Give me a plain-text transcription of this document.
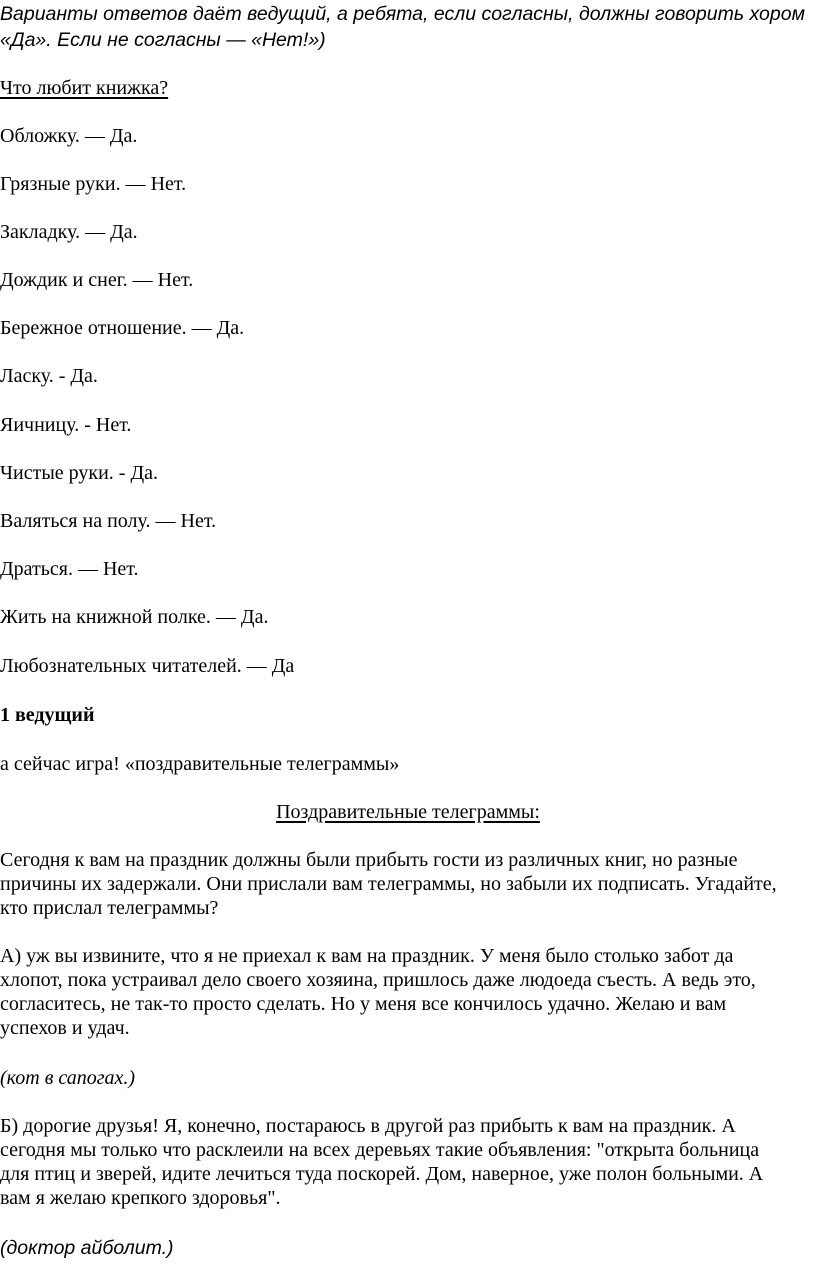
Варианты ответов даёт ведущий, а ребята, если согласны, должны говорить хором

«Да». Если не согласны — «Нет!»)

Что любит книжка?

Обложку. — Да.

Грязные руки. — Нет.

Закладку. — Да.

Дождик и снег. — Нет.

Бережное отношение. — Да.

Ласку. - Да.

Яичницу. - Нет.

Чистые руки. - Да.

Валяться на полу. — Нет.

Драться. — Нет.

Жить на книжной полке. — Да.

Любознательных читателей. — Да

1 ведущий

а сейчас игра! «поздравительные телеграммы»

Поздравительные телеграммы:

Сегодня к вам на праздник должны были прибыть гости из различных книг, но разные
причины их задержали. Они прислали вам телеграммы, но забыли их подписать. Угадайте,
кто прислал телеграммы?
А) уж вы извините, что я не приехал к вам на праздник. У меня было столько забот да
хлопот, пока устраивал дело своего хозяина, пришлось даже людоеда съесть. А ведь это,
согласитесь, не так-то просто сделать. Но у меня все кончилось удачно. Желаю и вам
успехов и удач.

(кот в сапогах.)

Б) дорогие друзья! Я, конечно, постараюсь в другой раз прибыть к вам на праздник. А
сегодня мы только что расклеили на всех деревьях такие объявления: "открыта больница
для птиц и зверей, идите лечиться туда поскорей. Дом, наверное, уже полон больными. А
вам я желаю крепкого здоровья".

(доктор айболит.)
